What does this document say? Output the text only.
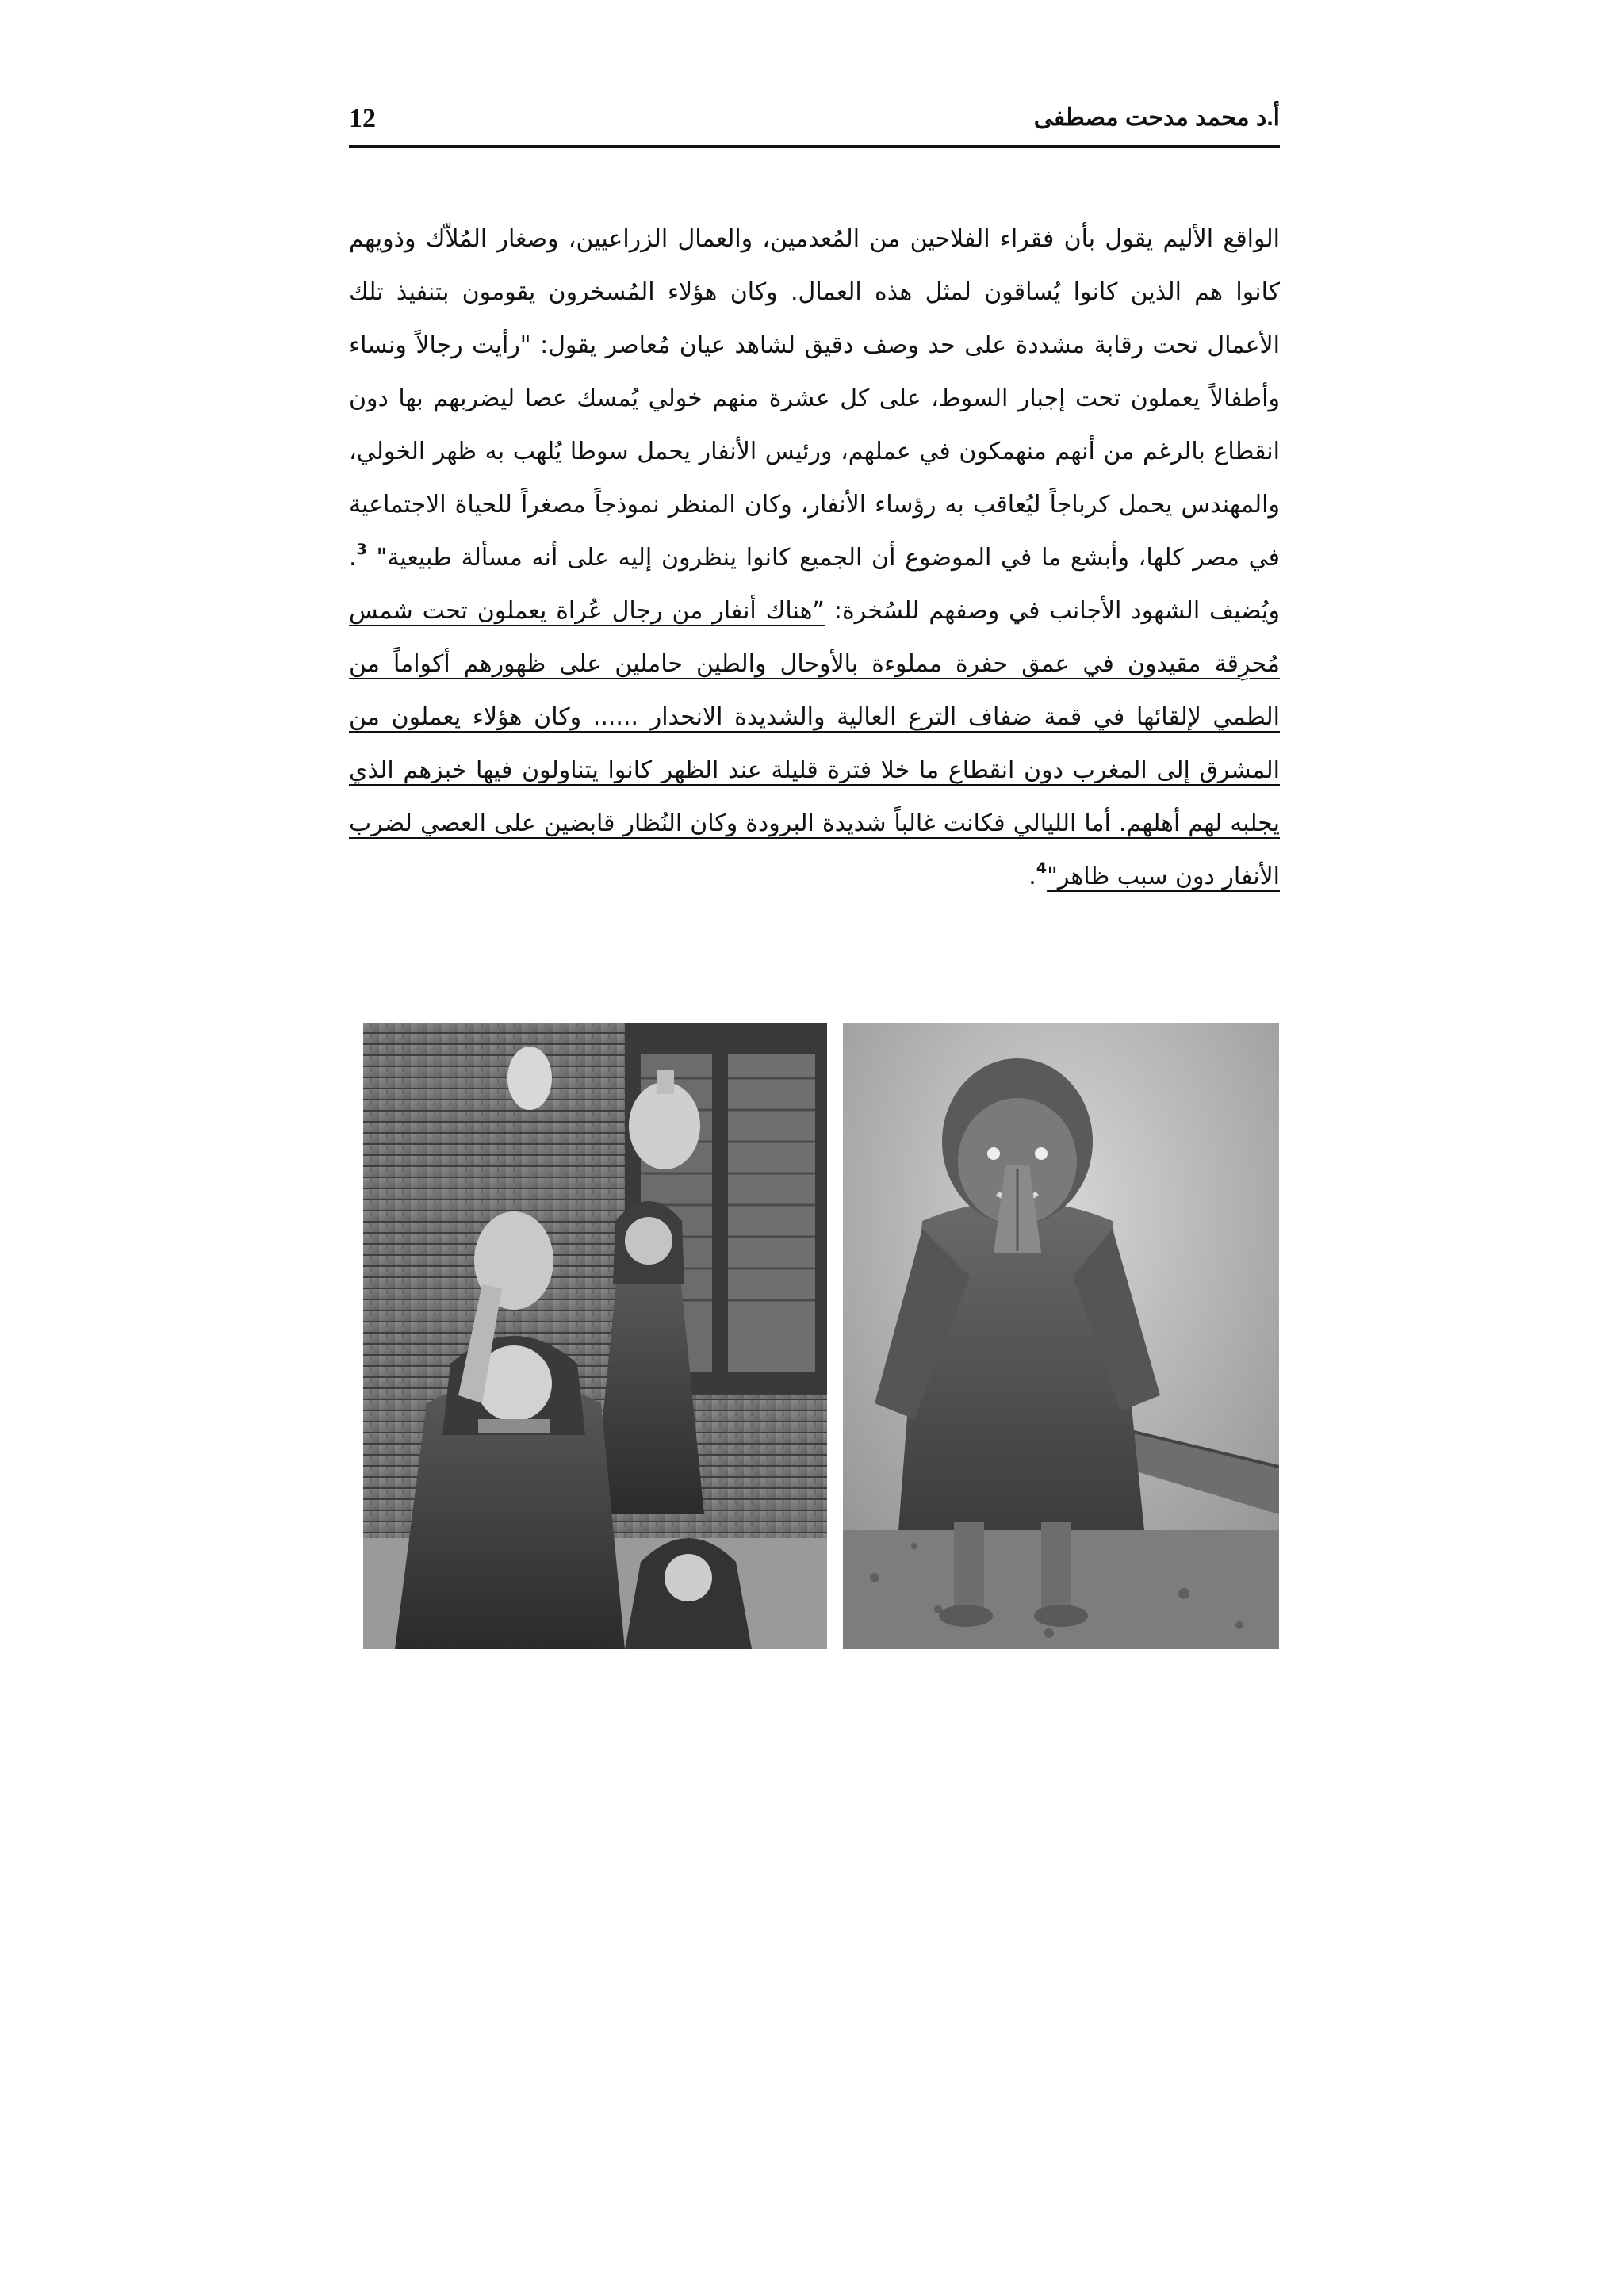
12	أ.د محمد مدحت مصطفى
الواقع الأليم يقول بأن فقراء الفلاحين من المُعدمين، والعمال الزراعيين، وصغار المُلاّك وذويهم كانوا هم الذين كانوا يُساقون لمثل هذه العمال. وكان هؤلاء المُسخرون يقومون بتنفيذ تلك الأعمال تحت رقابة مشددة على حد وصف دقيق لشاهد عيان مُعاصر يقول: "رأيت رجالاً ونساء وأطفالاً يعملون تحت إجبار السوط، على كل عشرة منهم خولي يُمسك عصا ليضربهم بها دون انقطاع بالرغم من أنهم منهمكون في عملهم، ورئيس الأنفار يحمل سوطا يُلهب به ظهر الخولي، والمهندس يحمل كرباجاً ليُعاقب به رؤساء الأنفار، وكان المنظر نموذجاً مصغراً للحياة الاجتماعية في مصر كلها، وأبشع ما في الموضوع أن الجميع كانوا ينظرون إليه على أنه مسألة طبيعية" $^3$. ويُضيف الشهود الأجانب في وصفهم للسُخرة: ”هناك أنفار من رجال عُراة يعملون تحت شمس مُحرِقة مقيدون في عمق حفرة مملوءة بالأوحال والطين حاملين على ظهورهم أكواماً من الطمي لإلقائها في قمة ضفاف الترع العالية والشديدة الانحدار ...... وكان هؤلاء يعملون من المشرق إلى المغرب دون انقطاع ما خلا فترة قليلة عند الظهر كانوا يتناولون فيها خبزهم الذي يجلبه لهم أهلهم. أما الليالي فكانت غالباً شديدة البرودة وكان النُظار قابضين على العصي لضرب الأنفار دون سبب ظاهر"$^4$.
